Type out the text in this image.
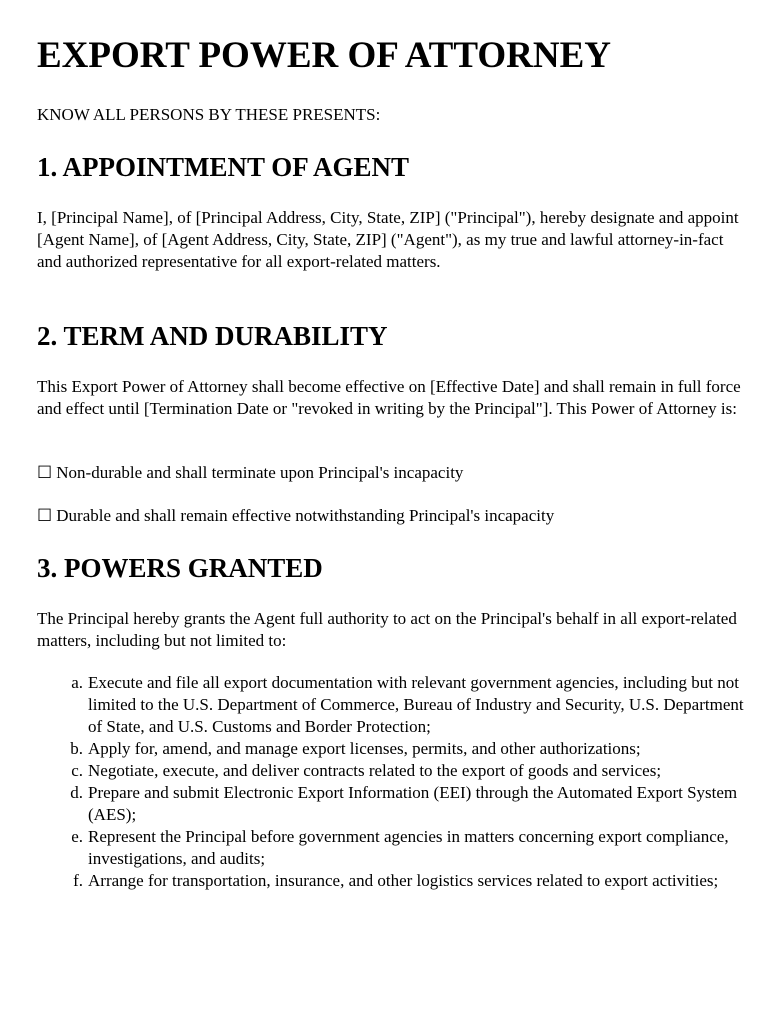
EXPORT POWER OF ATTORNEY
KNOW ALL PERSONS BY THESE PRESENTS:
1. APPOINTMENT OF AGENT

I, [Principal Name], of [Principal Address, City, State, ZIP] ("Principal"), hereby designate and appoint [Agent Name], of [Agent Address, City, State, ZIP] ("Agent"), as my true and lawful attorney-in-fact and authorized representative for all export-related matters.

2. TERM AND DURABILITY

This Export Power of Attorney shall become effective on [Effective Date] and shall remain in full force and effect until [Termination Date or "revoked in writing by the Principal"]. This Power of Attorney is:

☐ Non-durable and shall terminate upon Principal's incapacity
☐ Durable and shall remain effective notwithstanding Principal's incapacity
3. POWERS GRANTED

The Principal hereby grants the Agent full authority to act on the Principal's behalf in all export-related matters, including but not limited to:

a. Execute and file all export documentation with relevant government agencies, including but not limited to the U.S. Department of Commerce, Bureau of Industry and Security, U.S. Department of State, and U.S. Customs and Border Protection;
b. Apply for, amend, and manage export licenses, permits, and other authorizations;
c. Negotiate, execute, and deliver contracts related to the export of goods and services;
d. Prepare and submit Electronic Export Information (EEI) through the Automated Export System (AES);
e. Represent the Principal before government agencies in matters concerning export compliance, investigations, and audits;
f. Arrange for transportation, insurance, and other logistics services related to export activities;
